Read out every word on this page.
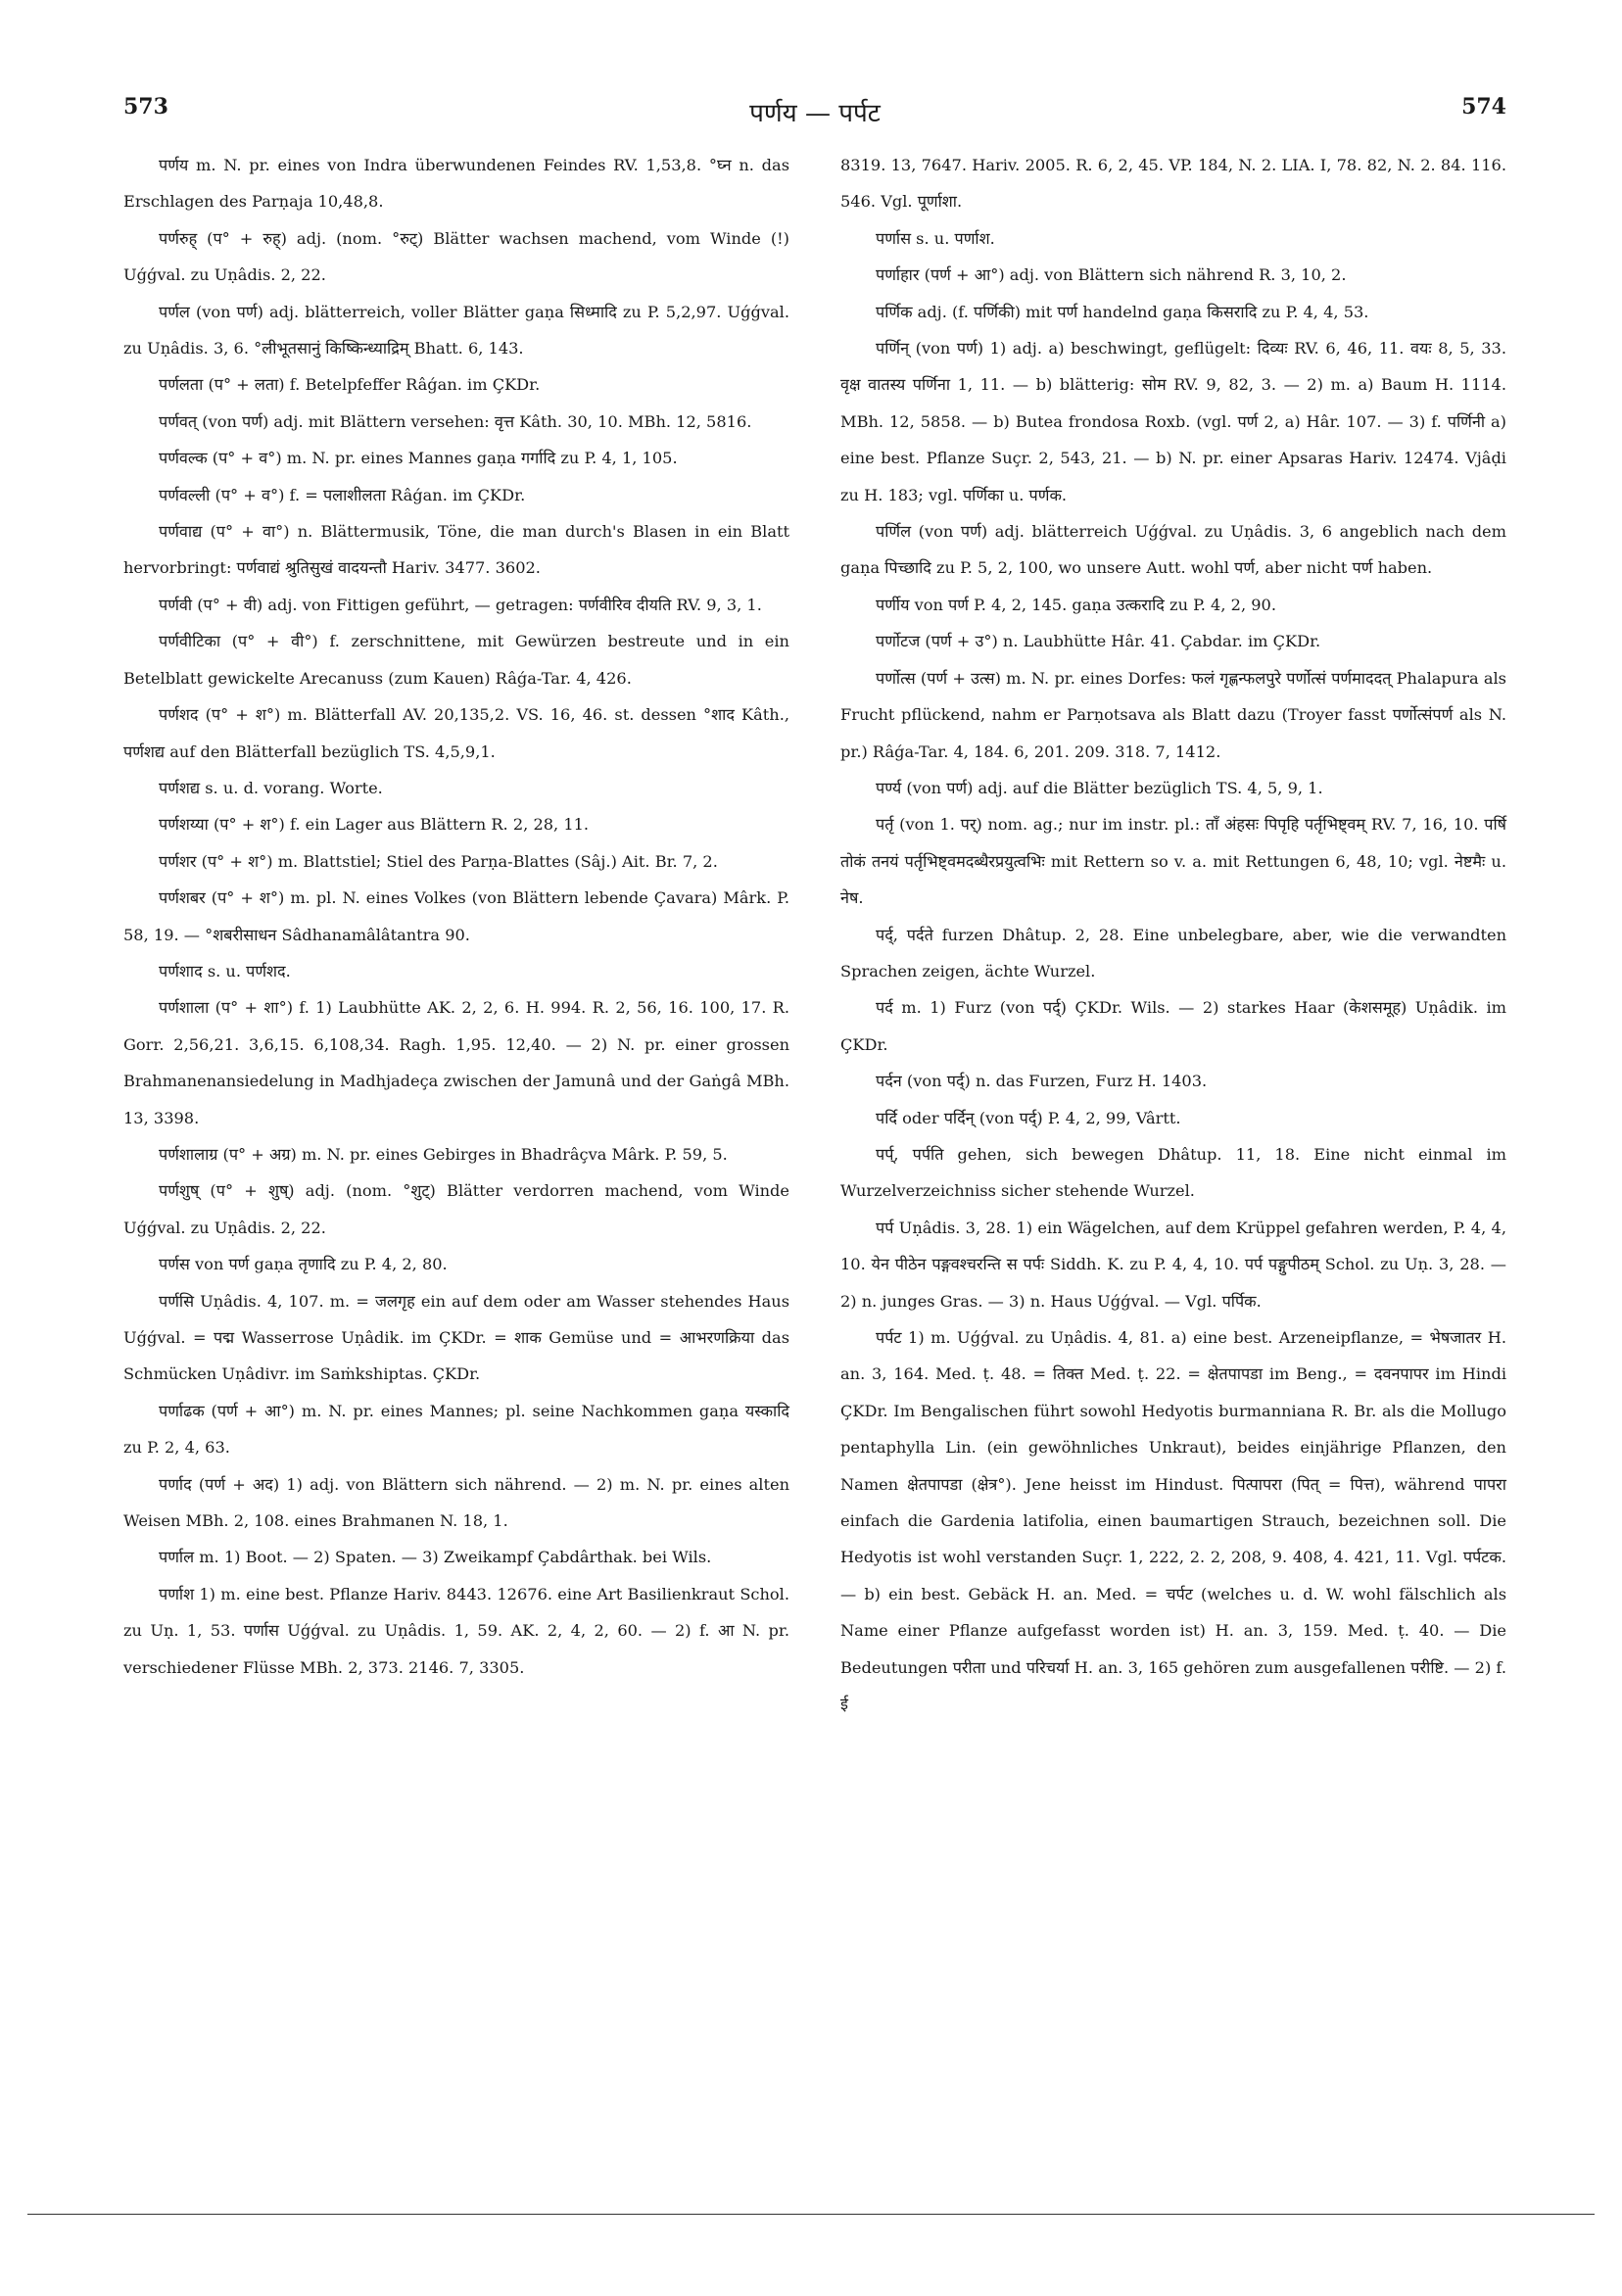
573	पर्णय — पर्पट	574

पर्णय m. N. pr. eines von Indra überwundenen Feindes RV. 1,53,8. °घ्न n. das Erschlagen des Parṇaja 10,48,8.

पर्णरुह् (प° + रुह्) adj. (nom. °रुट्) Blätter wachsen machend, vom Winde (!) Uǵǵval. zu Uṇâdis. 2, 22.

पर्णल (von पर्ण) adj. blätterreich, voller Blätter gaṇa सिध्मादि zu P. 5,2,97. Uǵǵval. zu Uṇâdis. 3, 6. °लीभूतसानुं किष्किन्ध्याद्रिम् Bhatt. 6, 143.

पर्णलता (प° + लता) f. Betelpfeffer Râǵan. im ÇKDr.

पर्णवत् (von पर्ण) adj. mit Blättern versehen: वृत्त Kâth. 30, 10. MBh. 12, 5816.

पर्णवल्क (प° + व°) m. N. pr. eines Mannes gaṇa गर्गादि zu P. 4, 1, 105.

पर्णवल्ली (प° + व°) f. = पलाशीलता Râǵan. im ÇKDr.

पर्णवाद्य (प° + वा°) n. Blättermusik, Töne, die man durch's Blasen in ein Blatt hervorbringt: पर्णवाद्यं श्रुतिसुखं वादयन्तौ Hariv. 3477. 3602.

पर्णवी (प° + वी) adj. von Fittigen geführt, — getragen: पर्णवीरिव दीयति RV. 9, 3, 1.

पर्णवीटिका (प° + वी°) f. zerschnittene, mit Gewürzen bestreute und in ein Betelblatt gewickelte Arecanuss (zum Kauen) Râǵa-Tar. 4, 426.

पर्णशद (प° + श°) m. Blätterfall AV. 20,135,2. VS. 16, 46. st. dessen °शाद Kâth., पर्णशद्य auf den Blätterfall bezüglich TS. 4,5,9,1.

पर्णशद्य s. u. d. vorang. Worte.

पर्णशय्या (प° + श°) f. ein Lager aus Blättern R. 2, 28, 11.

पर्णशर (प° + श°) m. Blattstiel; Stiel des Parṇa-Blattes (Sâj.) Ait. Br. 7, 2.

पर्णशबर (प° + श°) m. pl. N. eines Volkes (von Blättern lebende Çavara) Mârk. P. 58, 19. — °शबरीसाधन Sâdhanamâlâtantra 90.

पर्णशाद s. u. पर्णशद.

पर्णशाला (प° + शा°) f. 1) Laubhütte AK. 2, 2, 6. H. 994. R. 2, 56, 16. 100, 17. R. Gorr. 2,56,21. 3,6,15. 6,108,34. Ragh. 1,95. 12,40. — 2) N. pr. einer grossen Brahmanenansiedelung in Madhjadeça zwischen der Jamunâ und der Gaṅgâ MBh. 13, 3398.

पर्णशालाग्र (प° + अग्र) m. N. pr. eines Gebirges in Bhadrâçva Mârk. P. 59, 5.

पर्णशुष् (प° + शुष्) adj. (nom. °शुट्) Blätter verdorren machend, vom Winde Uǵǵval. zu Uṇâdis. 2, 22.

पर्णस von पर्ण gaṇa तृणादि zu P. 4, 2, 80.

पर्णसि Uṇâdis. 4, 107. m. = जलगृह ein auf dem oder am Wasser stehendes Haus Uǵǵval. = पद्म Wasserrose Uṇâdik. im ÇKDr. = शाक Gemüse und = आभरणक्रिया das Schmücken Uṇâdivr. im Saṁkshiptas. ÇKDr.

पर्णाढक (पर्ण + आ°) m. N. pr. eines Mannes; pl. seine Nachkommen gaṇa यस्कादि zu P. 2, 4, 63.

पर्णाद (पर्ण + अद) 1) adj. von Blättern sich nährend. — 2) m. N. pr. eines alten Weisen MBh. 2, 108. eines Brahmanen N. 18, 1.

पर्णाल m. 1) Boot. — 2) Spaten. — 3) Zweikampf Çabdârthak. bei Wils.

पर्णाश 1) m. eine best. Pflanze Hariv. 8443. 12676. eine Art Basilienkraut Schol. zu Uṇ. 1, 53. पर्णास Uǵǵval. zu Uṇâdis. 1, 59. AK. 2, 4, 2, 60. — 2) f. आ N. pr. verschiedener Flüsse MBh. 2, 373. 2146. 7, 3305.

8319. 13, 7647. Hariv. 2005. R. 6, 2, 45. VP. 184, N. 2. LIA. I, 78. 82, N. 2. 84. 116. 546. Vgl. पूर्णाशा.

पर्णास s. u. पर्णाश.

पर्णाहार (पर्ण + आ°) adj. von Blättern sich nährend R. 3, 10, 2.

पर्णिक adj. (f. पर्णिकी) mit पर्ण handelnd gaṇa किसरादि zu P. 4, 4, 53.

पर्णिन् (von पर्ण) 1) adj. a) beschwingt, geflügelt: दिव्यः RV. 6, 46, 11. वयः 8, 5, 33. वृक्ष वातस्य पर्णिना 1, 11. — b) blätterig: सोम RV. 9, 82, 3. — 2) m. a) Baum H. 1114. MBh. 12, 5858. — b) Butea frondosa Roxb. (vgl. पर्ण 2, a) Hâr. 107. — 3) f. पर्णिनी a) eine best. Pflanze Suçr. 2, 543, 21. — b) N. pr. einer Apsaras Hariv. 12474. Vjâḍi zu H. 183; vgl. पर्णिका u. पर्णक.

पर्णिल (von पर्ण) adj. blätterreich Uǵǵval. zu Uṇâdis. 3, 6 angeblich nach dem gaṇa पिच्छादि zu P. 5, 2, 100, wo unsere Autt. wohl पर्ण, aber nicht पर्ण haben.

पर्णीय von पर्ण P. 4, 2, 145. gaṇa उत्करादि zu P. 4, 2, 90.

पर्णोटज (पर्ण + उ°) n. Laubhütte Hâr. 41. Çabdar. im ÇKDr.

पर्णोत्स (पर्ण + उत्स) m. N. pr. eines Dorfes: फलं गृह्णन्फलपुरे पर्णोत्सं पर्णमाददत् Phalapura als Frucht pflückend, nahm er Parṇotsava als Blatt dazu (Troyer fasst पर्णोत्संपर्ण als N. pr.) Râǵa-Tar. 4, 184. 6, 201. 209. 318. 7, 1412.

पर्ण्य (von पर्ण) adj. auf die Blätter bezüglich TS. 4, 5, 9, 1.

पर्तृ (von 1. पर्) nom. ag.; nur im instr. pl.: ताँ अंहसः पिपृहि पर्तृभिष्ट्वम् RV. 7, 16, 10. पर्षि तोकं तनयं पर्तृभिष्ट्वमदब्धैरप्रयुत्वभिः mit Rettern so v. a. mit Rettungen 6, 48, 10; vgl. नेष्टमैः u. नेष.

पर्द्, पर्दते furzen Dhâtup. 2, 28. Eine unbelegbare, aber, wie die verwandten Sprachen zeigen, ächte Wurzel.

पर्द m. 1) Furz (von पर्द्) ÇKDr. Wils. — 2) starkes Haar (केशसमूह) Uṇâdik. im ÇKDr.

पर्दन (von पर्द्) n. das Furzen, Furz H. 1403.

पर्दि oder पर्दिन् (von पर्द्) P. 4, 2, 99, Vârtt.

पर्प्, पर्पति gehen, sich bewegen Dhâtup. 11, 18. Eine nicht einmal im Wurzelverzeichniss sicher stehende Wurzel.

पर्प Uṇâdis. 3, 28. 1) ein Wägelchen, auf dem Krüppel gefahren werden, P. 4, 4, 10. येन पीठेन पङ्गवश्चरन्ति स पर्पः Siddh. K. zu P. 4, 4, 10. पर्प पङ्गुपीठम् Schol. zu Uṇ. 3, 28. — 2) n. junges Gras. — 3) n. Haus Uǵǵval. — Vgl. पर्पिक.

पर्पट 1) m. Uǵǵval. zu Uṇâdis. 4, 81. a) eine best. Arzeneipflanze, = भेषजातर H. an. 3, 164. Med. ṭ. 48. = तिक्त Med. ṭ. 22. = क्षेतपापडा im Beng., = दवनपापर im Hindi ÇKDr. Im Bengalischen führt sowohl Hedyotis burmanniana R. Br. als die Mollugo pentaphylla Lin. (ein gewöhnliches Unkraut), beides einjährige Pflanzen, den Namen क्षेतपापडा (क्षेत्र°). Jene heisst im Hindust. पित्पापरा (पित् = पित्त), während पापरा einfach die Gardenia latifolia, einen baumartigen Strauch, bezeichnen soll. Die Hedyotis ist wohl verstanden Suçr. 1, 222, 2. 2, 208, 9. 408, 4. 421, 11. Vgl. पर्पटक. — b) ein best. Gebäck H. an. Med. = चर्पट (welches u. d. W. wohl fälschlich als Name einer Pflanze aufgefasst worden ist) H. an. 3, 159. Med. ṭ. 40. — Die Bedeutungen परीता und परिचर्या H. an. 3, 165 gehören zum ausgefallenen परीष्टि. — 2) f. ई
